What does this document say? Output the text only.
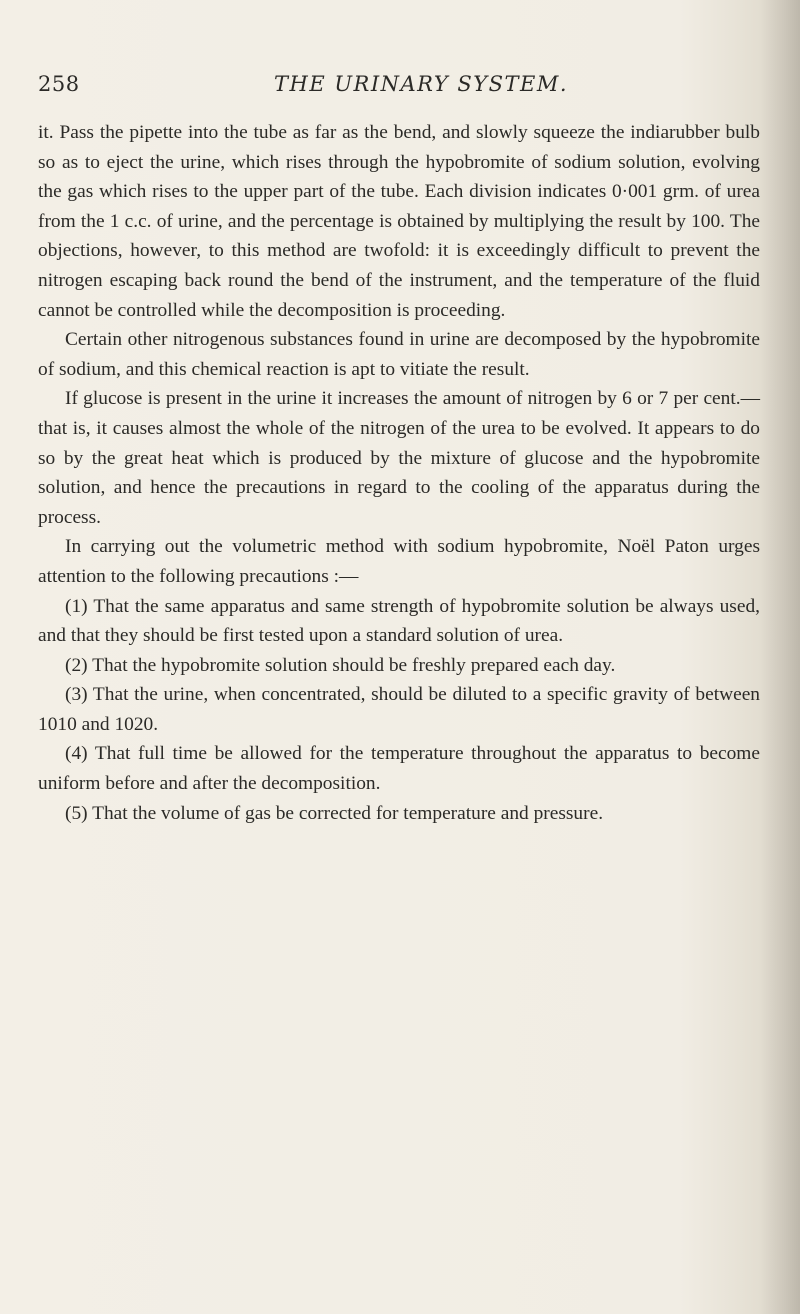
258	THE URINARY SYSTEM.

it. Pass the pipette into the tube as far as the bend, and slowly squeeze the indiarubber bulb so as to eject the urine, which rises through the hypobromite of sodium solution, evolving the gas which rises to the upper part of the tube. Each division indicates 0·001 grm. of urea from the 1 c.c. of urine, and the percentage is obtained by multiplying the result by 100. The objections, however, to this method are twofold: it is exceedingly difficult to prevent the nitrogen escaping back round the bend of the instrument, and the temperature of the fluid cannot be controlled while the decomposition is proceeding.

Certain other nitrogenous substances found in urine are decomposed by the hypobromite of sodium, and this chemical reaction is apt to vitiate the result.

If glucose is present in the urine it increases the amount of nitrogen by 6 or 7 per cent.—that is, it causes almost the whole of the nitrogen of the urea to be evolved. It appears to do so by the great heat which is produced by the mixture of glucose and the hypobromite solution, and hence the precautions in regard to the cooling of the apparatus during the process.

In carrying out the volumetric method with sodium hypobromite, Noël Paton urges attention to the following precautions :—

(1) That the same apparatus and same strength of hypobromite solution be always used, and that they should be first tested upon a standard solution of urea.

(2) That the hypobromite solution should be freshly prepared each day.

(3) That the urine, when concentrated, should be diluted to a specific gravity of between 1010 and 1020.

(4) That full time be allowed for the temperature throughout the apparatus to become uniform before and after the decomposition.

(5) That the volume of gas be corrected for temperature and pressure.
